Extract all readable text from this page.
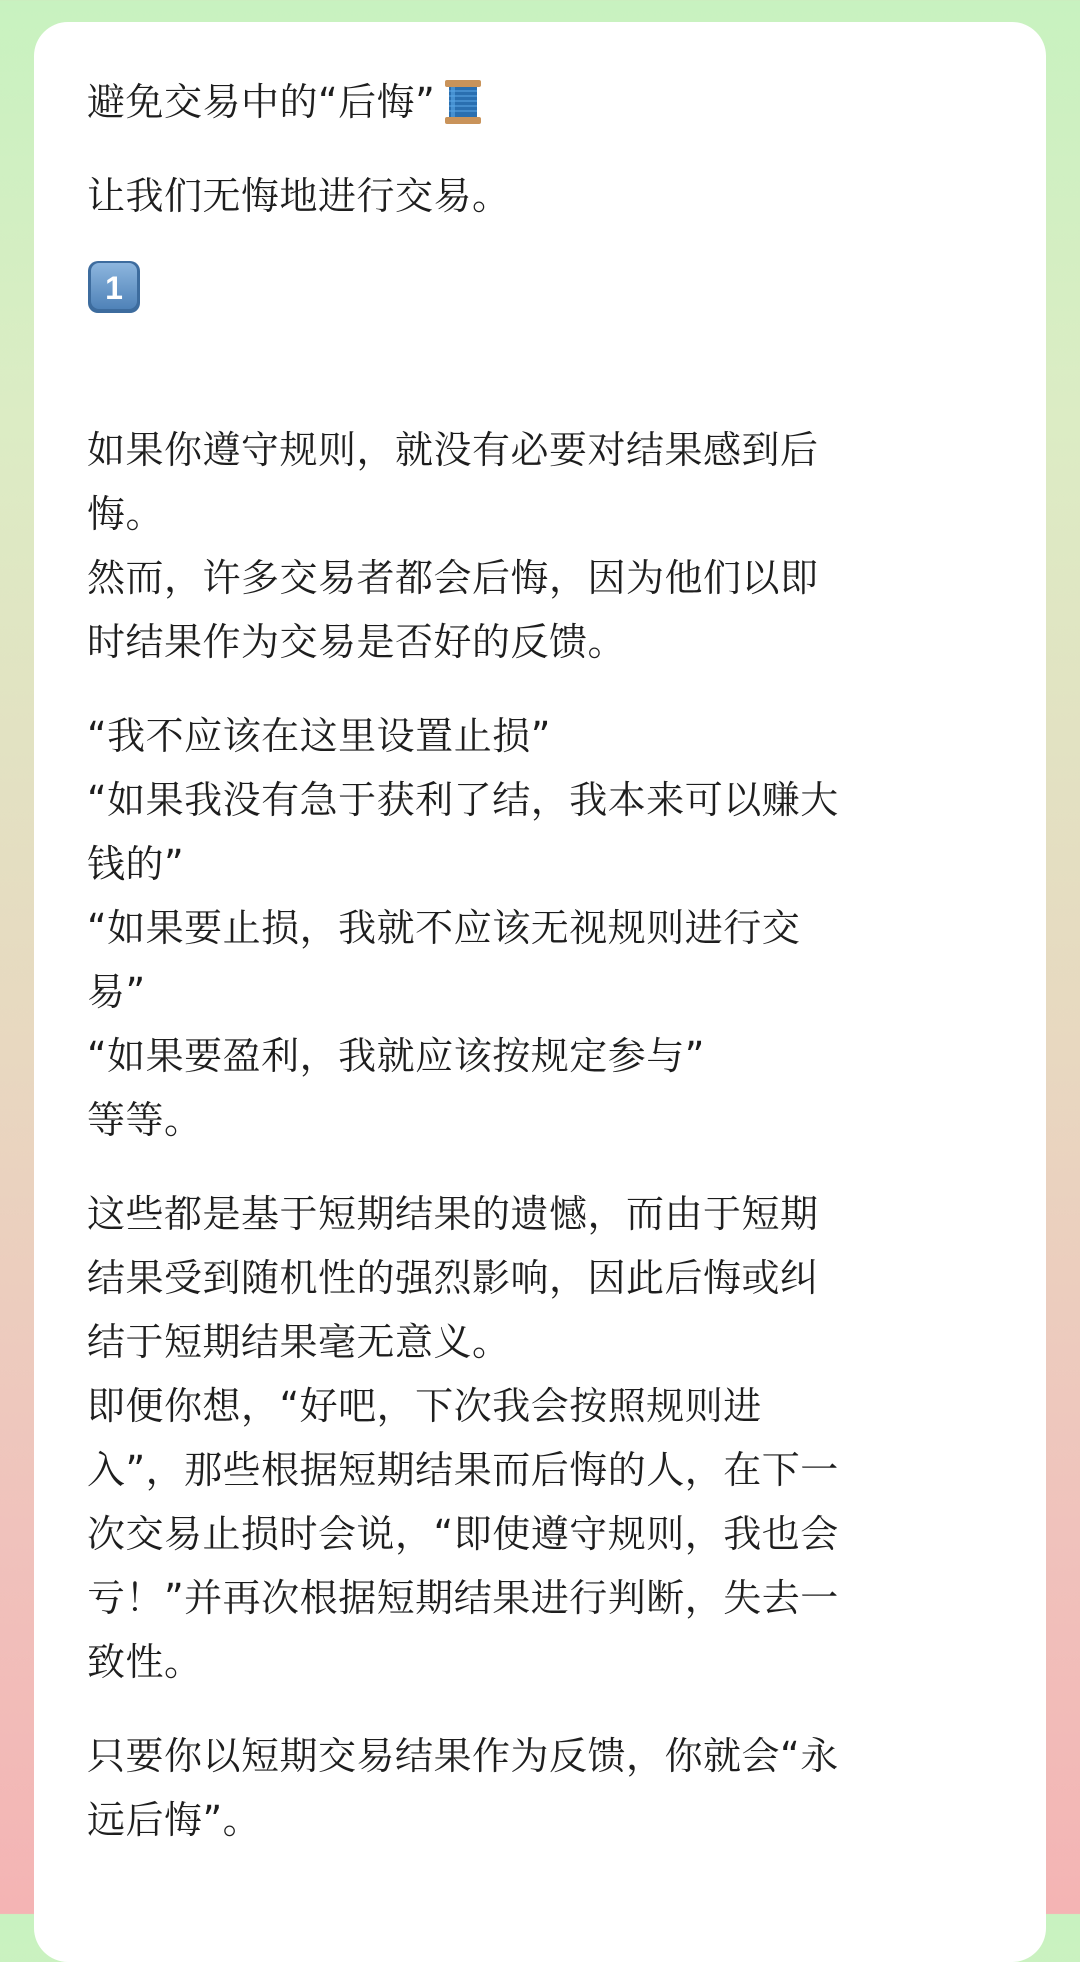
避免交易中的“后悔”

让我们无悔地进行交易。

1

如果你遵守规则，就没有必要对结果感到后
悔。
然而，许多交易者都会后悔，因为他们以即
时结果作为交易是否好的反馈。

“我不应该在这里设置止损”
“如果我没有急于获利了结，我本来可以赚大
钱的”
“如果要止损，我就不应该无视规则进行交
易”
“如果要盈利，我就应该按规定参与”
等等。

这些都是基于短期结果的遗憾，而由于短期
结果受到随机性的强烈影响，因此后悔或纠
结于短期结果毫无意义。
即便你想，“好吧，下次我会按照规则进
入”，那些根据短期结果而后悔的人，在下一
次交易止损时会说，“即使遵守规则，我也会
亏！”并再次根据短期结果进行判断，失去一
致性。

只要你以短期交易结果作为反馈，你就会“永
远后悔”。
